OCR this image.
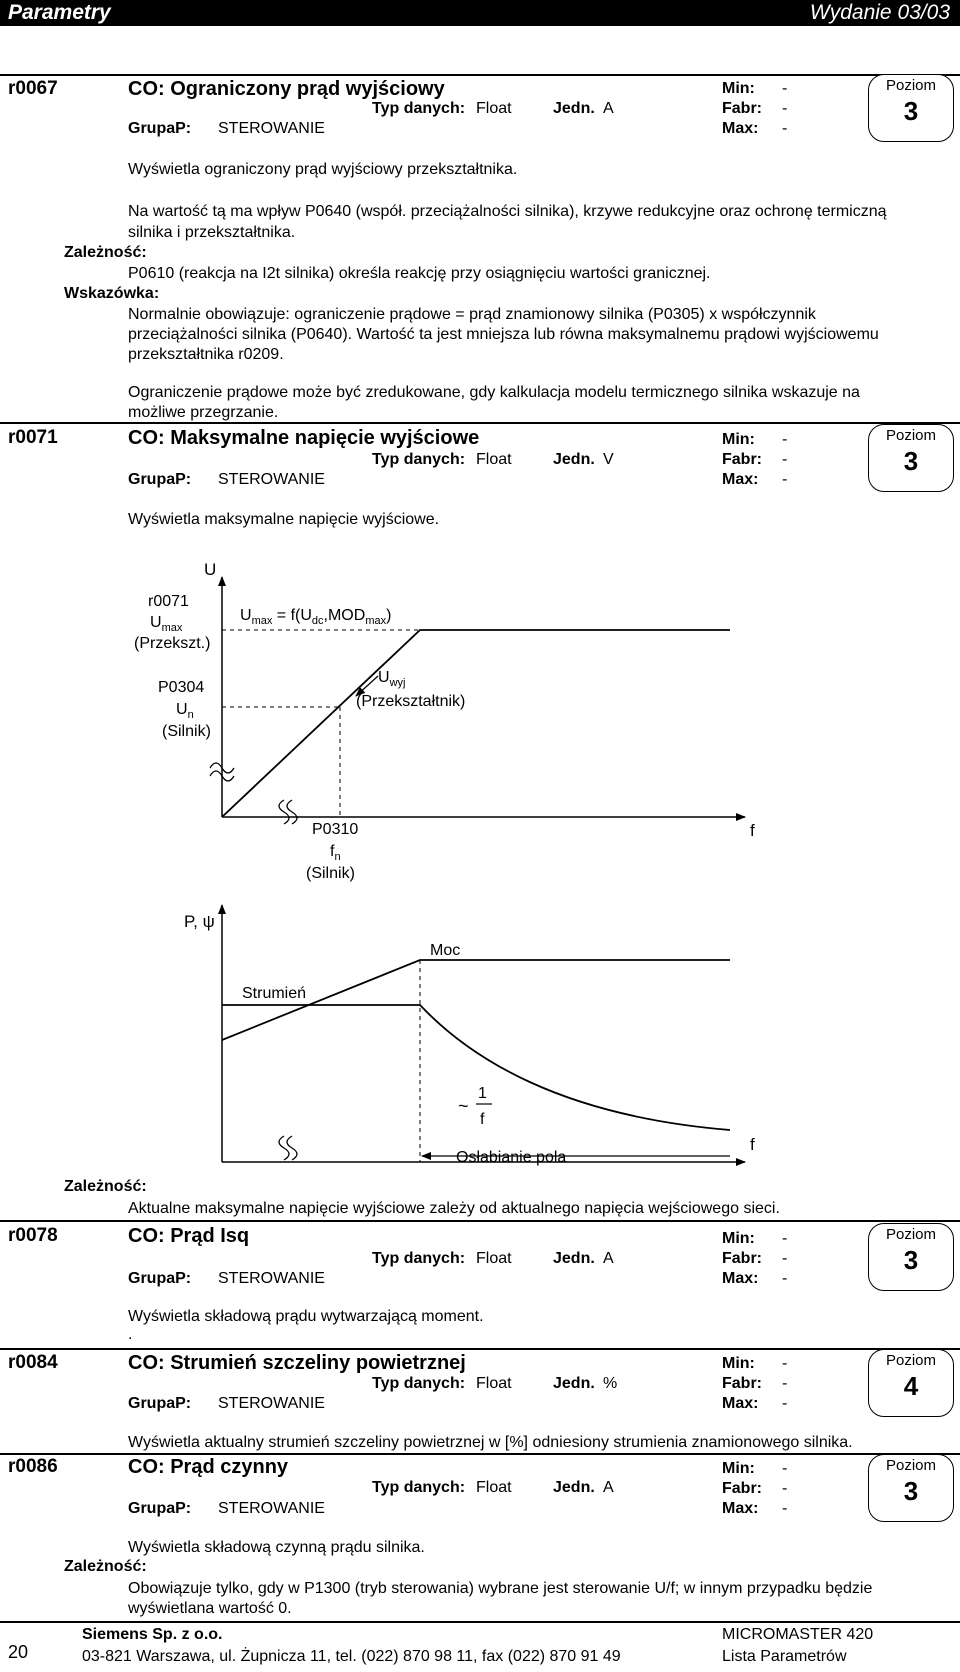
Parametry	Wydanie 03/03
r0067	CO: Ograniczony prąd wyjściowy
Typ danych: Float	Jedn. A
GrupaP: STEROWANIE
Min: -
Fabr: -
Max: -
Poziom
3
Wyświetla ograniczony prąd wyjściowy przekształtnika.
Na wartość tą ma wpływ P0640 (współ. przeciążalności silnika), krzywe redukcyjne oraz ochronę termiczną
silnika i przekształtnika.
Zależność:
P0610 (reakcja na I2t silnika) określa reakcję przy osiągnięciu wartości granicznej.
Wskazówka:
Normalnie obowiązuje: ograniczenie prądowe = prąd znamionowy silnika (P0305) x współczynnik
przeciążalności silnika (P0640). Wartość ta jest mniejsza lub równa maksymalnemu prądowi wyjściowemu
przekształtnika r0209.
Ograniczenie prądowe może być zredukowane, gdy kalkulacja modelu termicznego silnika wskazuje na
możliwe przegrzanie.
r0071	CO: Maksymalne napięcie wyjściowe
Typ danych: Float	Jedn. V
GrupaP: STEROWANIE
Min: -
Fabr: -
Max: -
Poziom
3
Wyświetla maksymalne napięcie wyjściowe.
U
r0071
$U_{max}$
(Przekszt.)
$U_{max} = f(U_{dc},MOD_{max})$
P0304
$U_n$
(Silnik)
$U_{wyj}$
(Przekształtnik)
P0310
$f_n$
(Silnik)
f
P, ψ
Moc
Strumień
~
1
f
Osłabianie pola
f
Zależność:
Aktualne maksymalne napięcie wyjściowe zależy od aktualnego napięcia wejściowego sieci.
r0078	CO: Prąd Isq
Typ danych: Float	Jedn. A
GrupaP: STEROWANIE
Min: -
Fabr: -
Max: -
Poziom
3
Wyświetla składową prądu wytwarzającą moment.
.
r0084	CO: Strumień szczeliny powietrznej
Typ danych: Float	Jedn. %
GrupaP: STEROWANIE
Min: -
Fabr: -
Max: -
Poziom
4
Wyświetla aktualny strumień szczeliny powietrznej w [%] odniesiony strumienia znamionowego silnika.
r0086	CO: Prąd czynny
Typ danych: Float	Jedn. A
GrupaP: STEROWANIE
Min: -
Fabr: -
Max: -
Poziom
3
Wyświetla składową czynną prądu silnika.
Zależność:
Obowiązuje tylko, gdy w P1300 (tryb sterowania) wybrane jest sterowanie U/f; w innym przypadku będzie
wyświetlana wartość 0.
20
Siemens Sp. z o.o.
03-821 Warszawa, ul. Żupnicza 11, tel. (022) 870 98 11, fax (022) 870 91 49
MICROMASTER 420
Lista Parametrów
